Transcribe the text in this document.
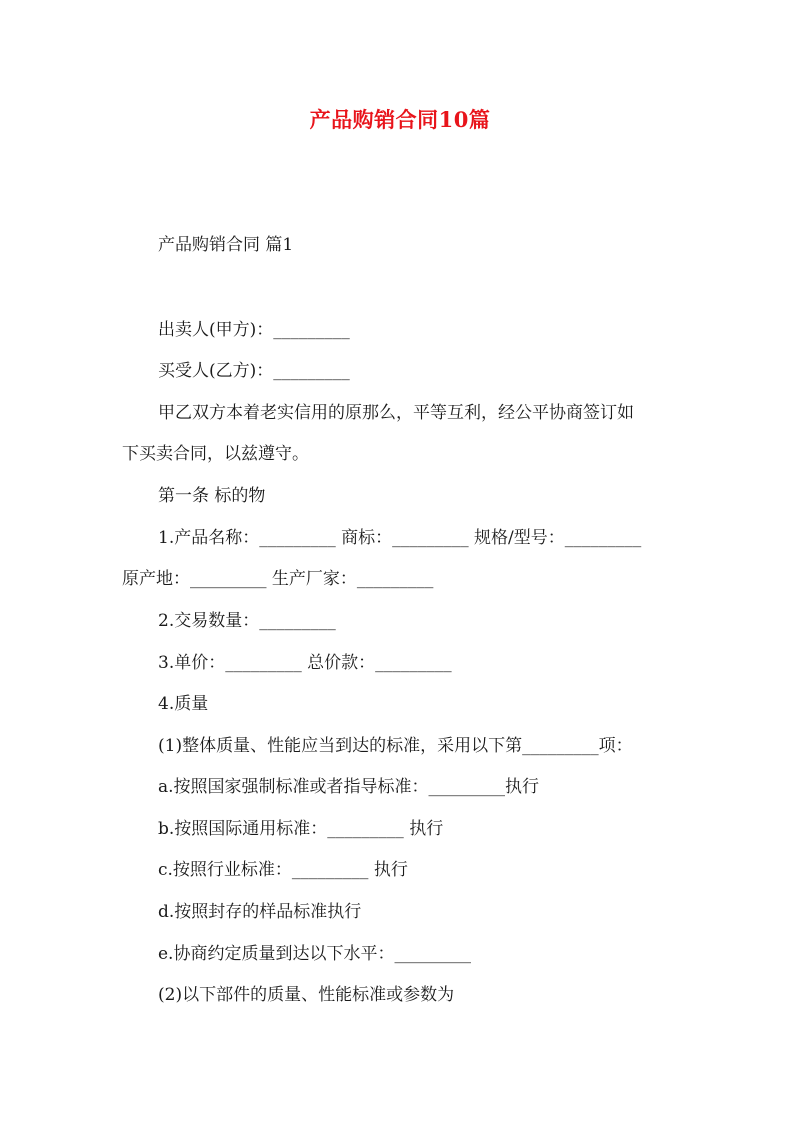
产品购销合同10篇
产品购销合同 篇1
出卖人(甲方)：_________
买受人(乙方)：_________
甲乙双方本着老实信用的原那么，平等互利，经公平协商签订如
下买卖合同，以兹遵守。
第一条 标的物
1.产品名称：_________ 商标：_________ 规格/型号：_________
原产地：_________ 生产厂家：_________
2.交易数量：_________
3.单价：_________ 总价款：_________
4.质量
(1)整体质量、性能应当到达的标准，采用以下第_________项：
a.按照国家强制标准或者指导标准：_________执行
b.按照国际通用标准：_________ 执行
c.按照行业标准：_________ 执行
d.按照封存的样品标准执行
e.协商约定质量到达以下水平：_________
(2)以下部件的质量、性能标准或参数为
